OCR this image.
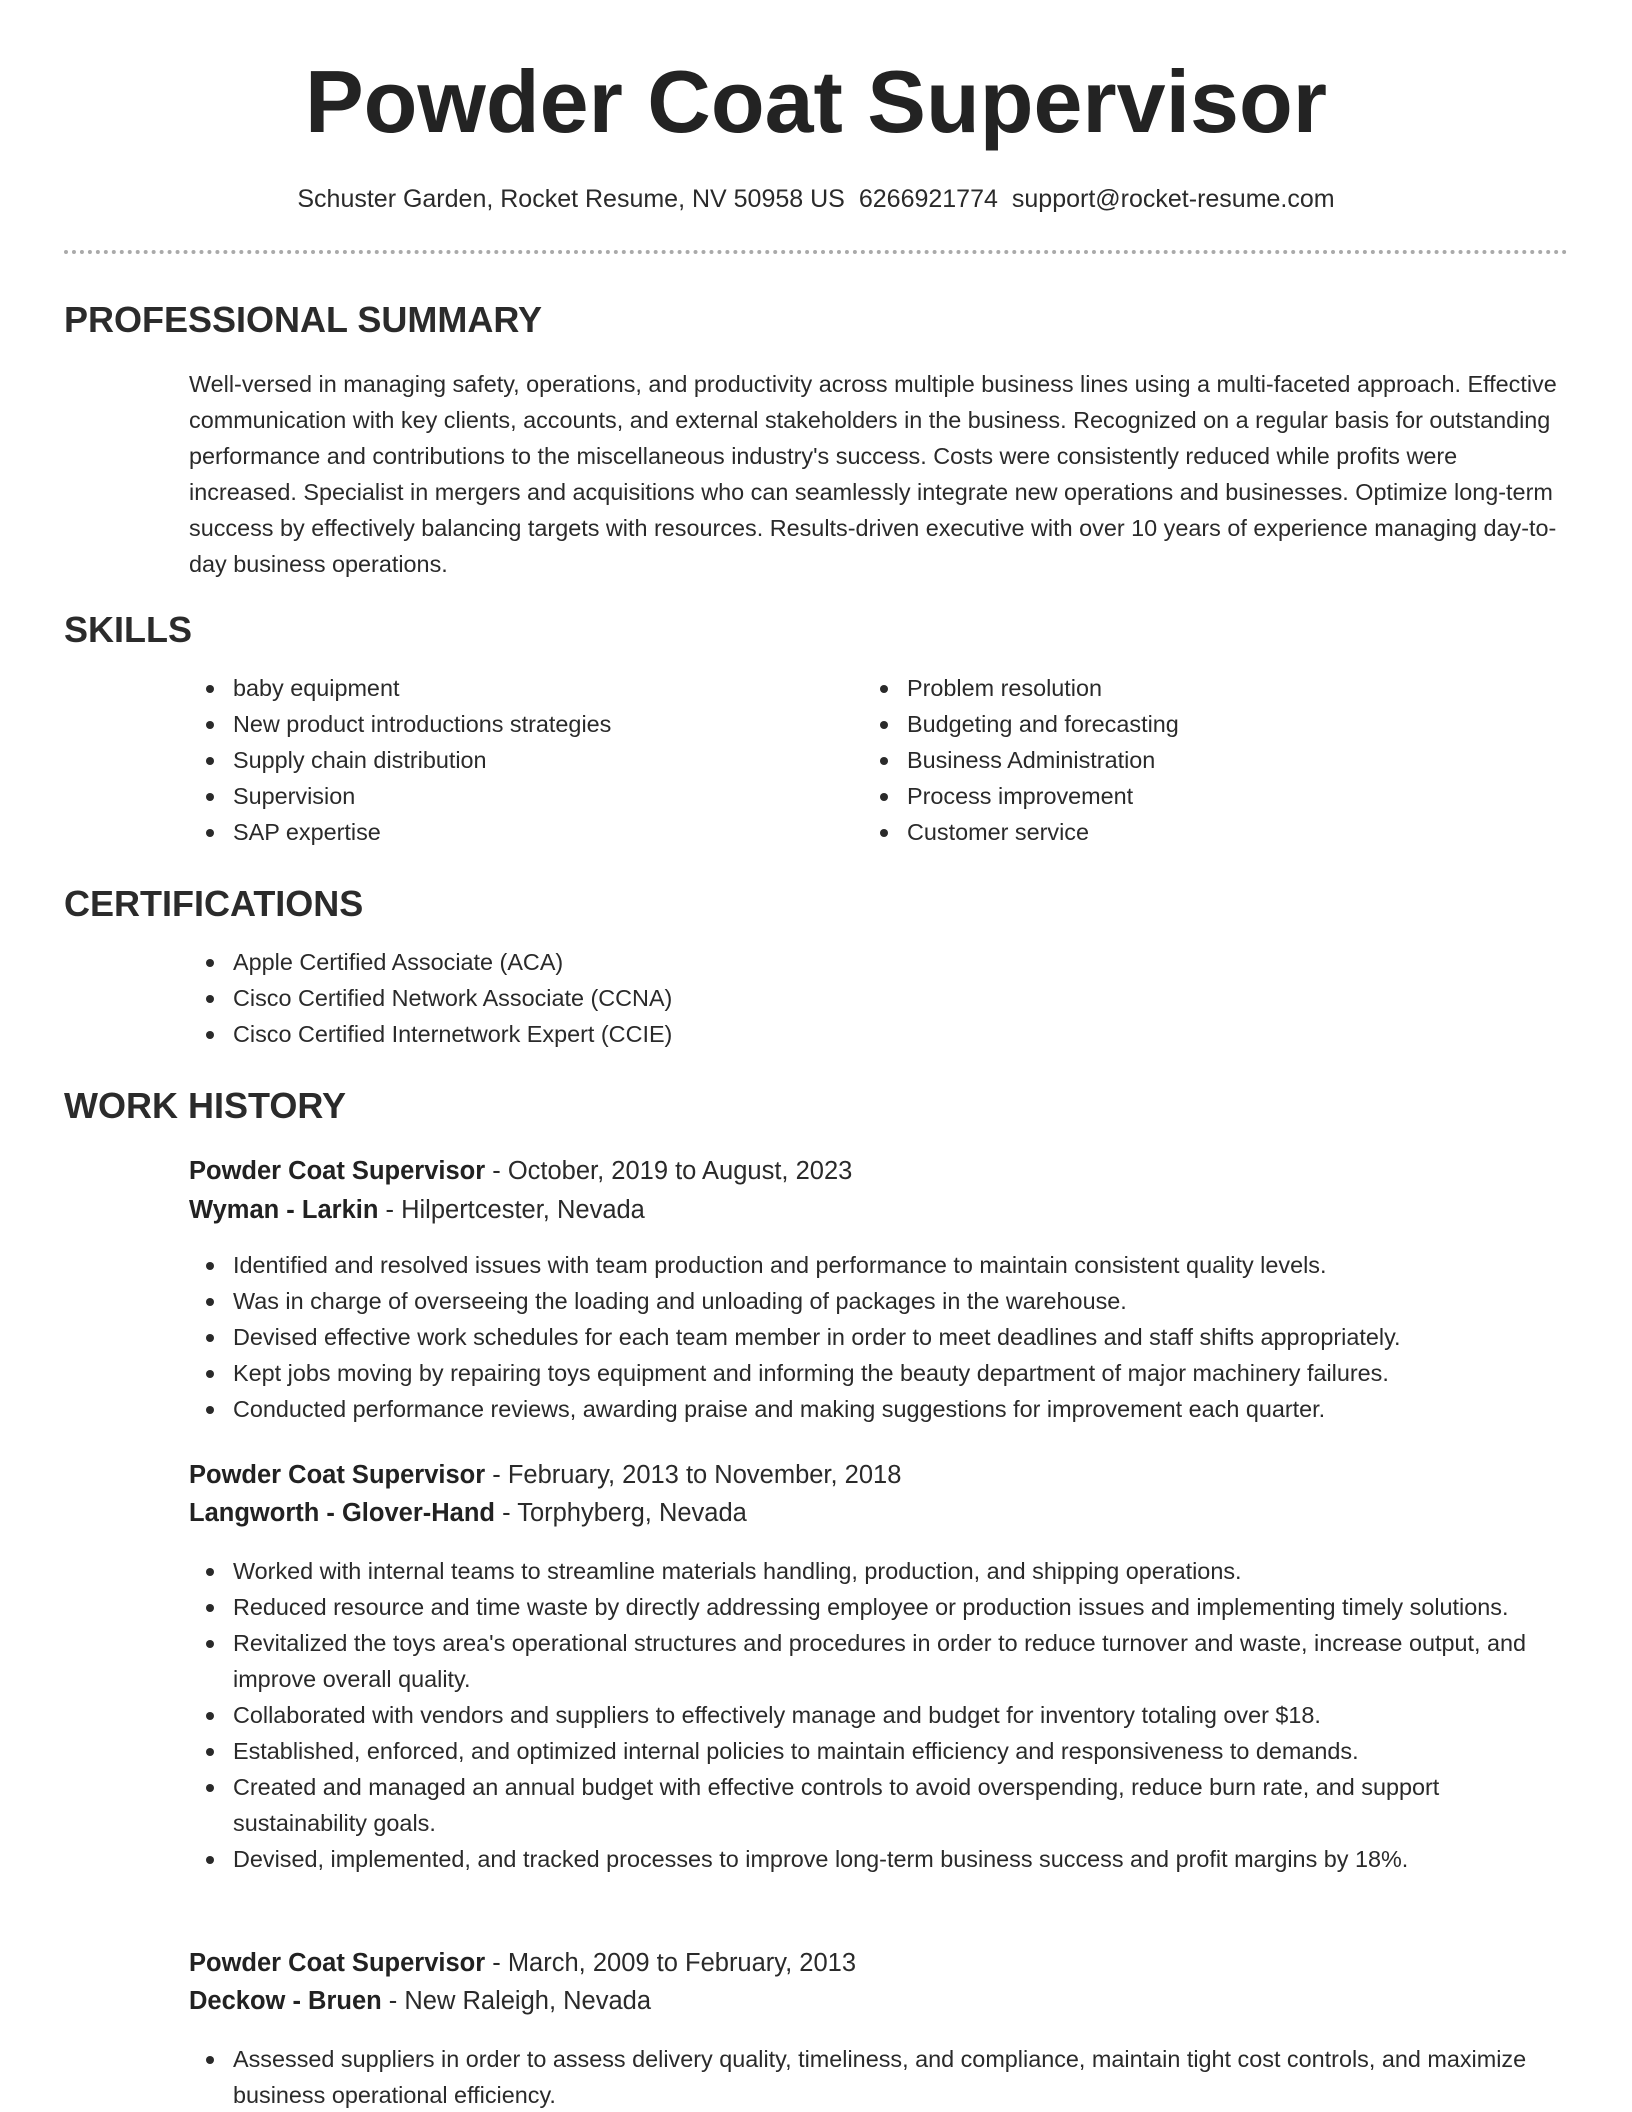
Powder Coat Supervisor
Schuster Garden, Rocket Resume, NV 50958 US 6266921774 support@rocket-resume.com
PROFESSIONAL SUMMARY

Well-versed in managing safety, operations, and productivity across multiple business lines using a multi-faceted approach. Effective communication with key clients, accounts, and external stakeholders in the business. Recognized on a regular basis for outstanding performance and contributions to the miscellaneous industry's success. Costs were consistently reduced while profits were increased. Specialist in mergers and acquisitions who can seamlessly integrate new operations and businesses. Optimize long-term success by effectively balancing targets with resources. Results-driven executive with over 10 years of experience managing day-to-day business operations.

SKILLS
baby equipment
New product introductions strategies
Supply chain distribution
Supervision
SAP expertise
Problem resolution
Budgeting and forecasting
Business Administration
Process improvement
Customer service
CERTIFICATIONS
Apple Certified Associate (ACA)
Cisco Certified Network Associate (CCNA)
Cisco Certified Internetwork Expert (CCIE)
WORK HISTORY
Powder Coat Supervisor - October, 2019 to August, 2023
Wyman - Larkin - Hilpertcester, Nevada
Identified and resolved issues with team production and performance to maintain consistent quality levels.
Was in charge of overseeing the loading and unloading of packages in the warehouse.
Devised effective work schedules for each team member in order to meet deadlines and staff shifts appropriately.
Kept jobs moving by repairing toys equipment and informing the beauty department of major machinery failures.
Conducted performance reviews, awarding praise and making suggestions for improvement each quarter.
Powder Coat Supervisor - February, 2013 to November, 2018
Langworth - Glover-Hand - Torphyberg, Nevada
Worked with internal teams to streamline materials handling, production, and shipping operations.
Reduced resource and time waste by directly addressing employee or production issues and implementing timely solutions.
Revitalized the toys area's operational structures and procedures in order to reduce turnover and waste, increase output, and improve overall quality.
Collaborated with vendors and suppliers to effectively manage and budget for inventory totaling over $18.
Established, enforced, and optimized internal policies to maintain efficiency and responsiveness to demands.
Created and managed an annual budget with effective controls to avoid overspending, reduce burn rate, and support sustainability goals.
Devised, implemented, and tracked processes to improve long-term business success and profit margins by 18%.
Powder Coat Supervisor - March, 2009 to February, 2013
Deckow - Bruen - New Raleigh, Nevada
Assessed suppliers in order to assess delivery quality, timeliness, and compliance, maintain tight cost controls, and maximize business operational efficiency.
